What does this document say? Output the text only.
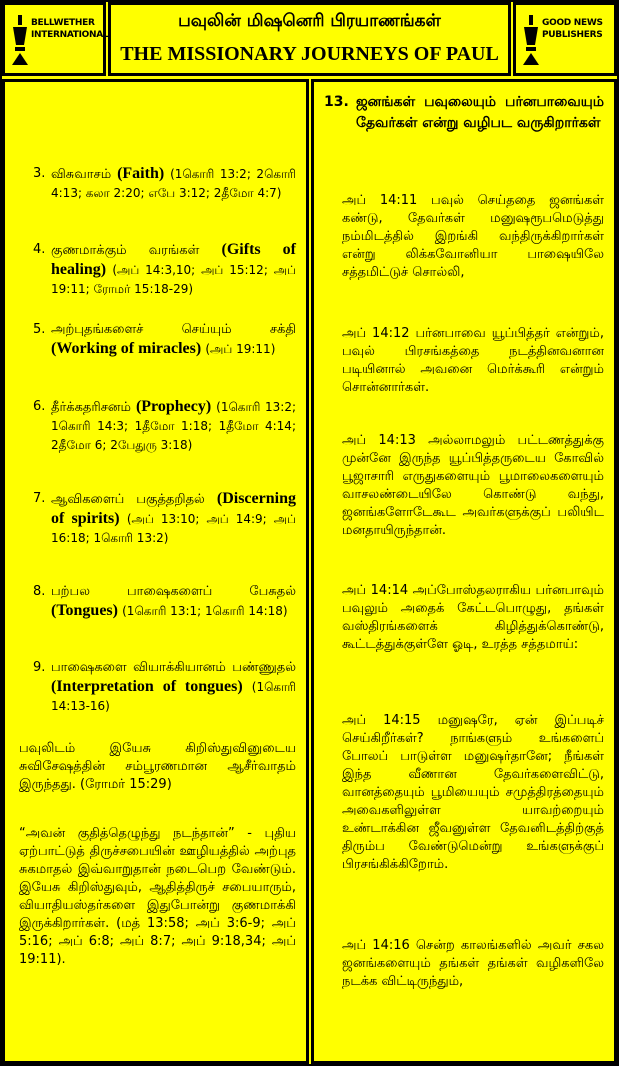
BELLWETHER INTERNATIONAL
பவுலின் மிஷனெரி பிரயாணங்கள்
THE MISSIONARY JOURNEYS OF PAUL
GOOD NEWS PUBLISHERS
3. விசுவாசம் (Faith) (1கொரி 13:2; 2கொரி 4:13; கலா 2:20; எபே 3:12; 2தீமோ 4:7)
4. குணமாக்கும் வரங்கள் (Gifts of healing) (அப் 14:3,10; அப் 15:12; அப் 19:11; ரோமர் 15:18-29)
5. அற்புதங்களைச் செய்யும் சக்தி (Working of miracles) (அப் 19:11)
6. தீர்க்கதரிசனம் (Prophecy) (1கொரி 13:2; 1கொரி 14:3; 1தீமோ 1:18; 1தீமோ 4:14; 2தீமோ 6; 2பேதுரு 3:18)
7. ஆவிகளைப் பகுத்தறிதல் (Discerning of spirits) (அப் 13:10; அப் 14:9; அப் 16:18; 1கொரி 13:2)
8. பற்பல பாஷைகளைப் பேசுதல் (Tongues) (1கொரி 13:1; 1கொரி 14:18)
9. பாஷைகளை வியாக்கியானம் பண்ணுதல் (Interpretation of tongues) (1கொரி 14:13-16)
பவுலிடம் இயேசு கிறிஸ்துவினுடைய சுவிசேஷத்தின் சம்பூரணமான ஆசீர்வாதம் இருந்தது. (ரோமர் 15:29)
“அவன் குதித்தெழுந்து நடந்தான்” - புதிய ஏற்பாட்டுத் திருச்சபையின் ஊழியத்தில் அற்புத சுகமாதல் இவ்வாறுதான் நடைபெற வேண்டும். இயேசு கிறிஸ்துவும், ஆதித்திருச் சபையாரும், வியாதியஸ்தர்களை இதுபோன்று குணமாக்கி இருக்கிறார்கள். (மத் 13:58; அப் 3:6-9; அப் 5:16; அப் 6:8; அப் 8:7; அப் 9:18,34; அப் 19:11).
13. ஜனங்கள் பவுலையும் பர்னபாவையும் தேவர்கள் என்று வழிபட வருகிறார்கள்
அப் 14:11 பவுல் செய்ததை ஜனங்கள் கண்டு, தேவர்கள் மனுஷரூபமெடுத்து நம்மிடத்தில் இறங்கி வந்திருக்கிறார்கள் என்று லிக்கவோனியா பாஷையிலே சத்தமிட்டுச் சொல்லி,
அப் 14:12 பர்னபாவை யூப்பித்தர் என்றும், பவுல் பிரசங்கத்தை நடத்தினவனான படியினால் அவனை மெர்க்கூரி என்றும் சொன்னார்கள்.
அப் 14:13 அல்லாமலும் பட்டணத்துக்கு முன்னே இருந்த யூப்பித்தருடைய கோவில் பூஜாசாரி எருதுகளையும் பூமாலைகளையும் வாசலண்டையிலே கொண்டு வந்து, ஜனங்களோடேகூட அவர்களுக்குப் பலியிட மனதாயிருந்தான்.
அப் 14:14 அப்போஸ்தலராகிய பர்னபாவும் பவுலும் அதைக் கேட்டபொழுது, தங்கள் வஸ்திரங்களைக் கிழித்துக்கொண்டு, கூட்டத்துக்குள்ளே ஓடி, உரத்த சத்தமாய்:
அப் 14:15 மனுஷரே, ஏன் இப்படிச் செய்கிறீர்கள்? நாங்களும் உங்களைப் போலப் பாடுள்ள மனுஷர்தானே; நீங்கள் இந்த வீணான தேவர்களைவிட்டு, வானத்தையும் பூமியையும் சமுத்திரத்தையும் அவைகளிலுள்ள யாவற்றையும் உண்டாக்கின ஜீவனுள்ள தேவனிடத்திற்குத் திரும்ப வேண்டுமென்று உங்களுக்குப் பிரசங்கிக்கிறோம்.
அப் 14:16 சென்ற காலங்களில் அவர் சகல ஜனங்களையும் தங்கள் தங்கள் வழிகளிலே நடக்க விட்டிருந்தும்,
